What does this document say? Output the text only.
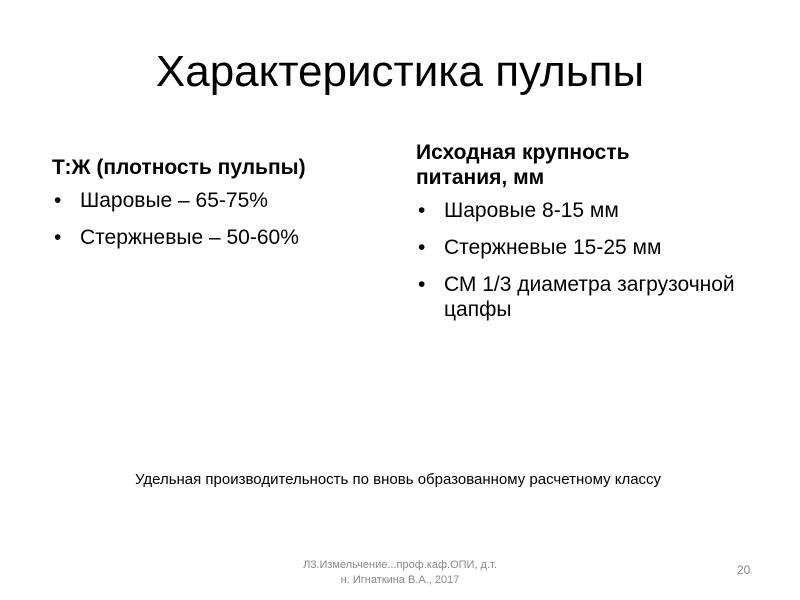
Характеристика пульпы
Т:Ж (плотность пульпы)
• Шаровые – 65-75%
• Стержневые – 50-60%
Исходная крупность
питания, мм
• Шаровые 8-15 мм
• Стержневые 15-25 мм
• СМ 1/3 диаметра загрузочной цапфы
Удельная производительность по вновь образованному расчетному классу
Л3.Измельчение...проф.каф.ОПИ, д.т.
н. Игнаткина В.А., 2017
20
